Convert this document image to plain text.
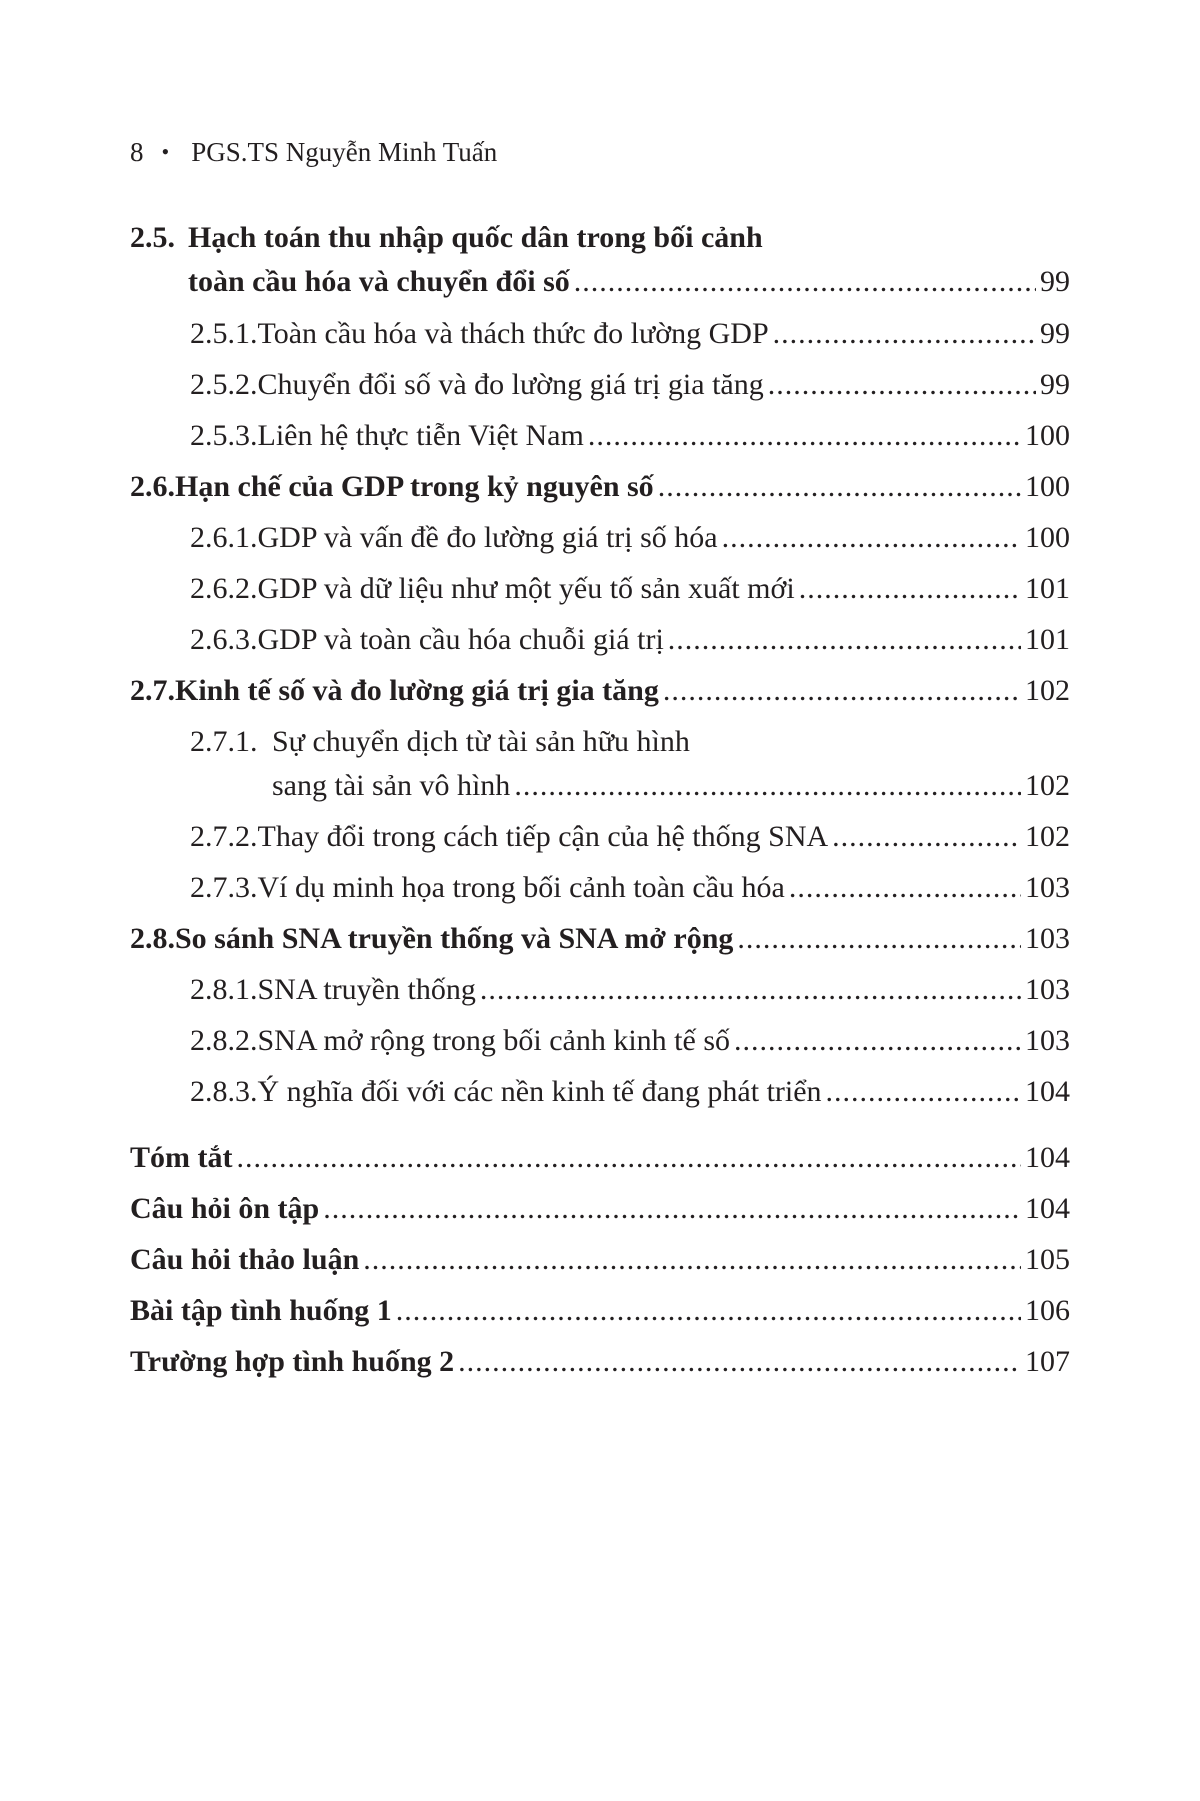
8 • PGS.TS Nguyễn Minh Tuấn
2.5. Hạch toán thu nhập quốc dân trong bối cảnh
toàn cầu hóa và chuyển đổi số .....	99
2.5.1. Toàn cầu hóa và thách thức đo lường GDP .....	99
2.5.2. Chuyển đổi số và đo lường giá trị gia tăng .....	99
2.5.3. Liên hệ thực tiễn Việt Nam .....	100
2.6. Hạn chế của GDP trong kỷ nguyên số .....	100
2.6.1. GDP và vấn đề đo lường giá trị số hóa .....	100
2.6.2. GDP và dữ liệu như một yếu tố sản xuất mới .....	101
2.6.3. GDP và toàn cầu hóa chuỗi giá trị .....	101
2.7. Kinh tế số và đo lường giá trị gia tăng .....	102
2.7.1. Sự chuyển dịch từ tài sản hữu hình
sang tài sản vô hình .....	102
2.7.2. Thay đổi trong cách tiếp cận của hệ thống SNA .....	102
2.7.3. Ví dụ minh họa trong bối cảnh toàn cầu hóa .....	103
2.8. So sánh SNA truyền thống và SNA mở rộng .....	103
2.8.1. SNA truyền thống .....	103
2.8.2. SNA mở rộng trong bối cảnh kinh tế số .....	103
2.8.3. Ý nghĩa đối với các nền kinh tế đang phát triển .....	104
Tóm tắt .....	104
Câu hỏi ôn tập .....	104
Câu hỏi thảo luận .....	105
Bài tập tình huống 1 .....	106
Trường hợp tình huống 2 .....	107
